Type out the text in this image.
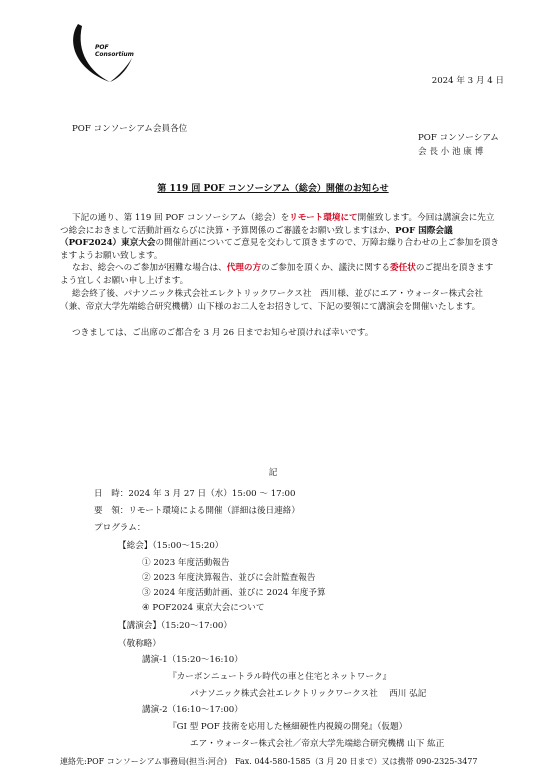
POF
Consortium
2024 年 3 月 4 日
POF コンソーシアム会員各位
POF コンソーシアム
会 長 小 池 康 博
第 119 回 POF コンソーシアム（総会）開催のお知らせ
下記の通り、第 119 回 POF コンソーシアム（総会）をリモート環境にて開催致します。今回は講演会に先立つ総会におきまして活動計画ならびに決算・予算関係のご審議をお願い致しますほか、POF 国際会議（POF2024）東京大会の開催計画についてご意見を交わして頂きますので、万障お繰り合わせの上ご参加を頂きますようお願い致します。
なお、総会へのご参加が困難な場合は、代理の方のご参加を頂くか、議決に関する委任状のご提出を頂きますよう宜しくお願い申し上げます。
総会終了後、パナソニック株式会社エレクトリックワークス社　西川様、並びにエア・ウォーター株式会社（兼、帝京大学先端総合研究機構）山下様のお二人をお招きして、下記の要領にて講演会を開催いたします。
つきましては、ご出席のご都合を 3 月 26 日までお知らせ頂ければ幸いです。
記
日　時：2024 年 3 月 27 日（水）15:00 ～ 17:00
要　領：リモート環境による開催（詳細は後日連絡）
プログラム：
【総会】（15:00〜15:20）
① 2023 年度活動報告
② 2023 年度決算報告、並びに会計監査報告
③ 2024 年度活動計画、並びに 2024 年度予算
④ POF2024 東京大会について
【講演会】（15:20〜17:00）
（敬称略）
講演-1（15:20〜16:10）
『カーボンニュートラル時代の車と住宅とネットワーク』
パナソニック株式会社エレクトリックワークス社　 西川 弘記
講演-2（16:10〜17:00）
『GI 型 POF 技術を応用した極細硬性内視鏡の開発』（仮題）
エア・ウォーター株式会社／帝京大学先端総合研究機構 山下 紘正
連絡先:POF コンソーシアム事務局(担当:河合)　Fax. 044-580-1585（3 月 20 日まで）又は携帯 090-2325-3477
